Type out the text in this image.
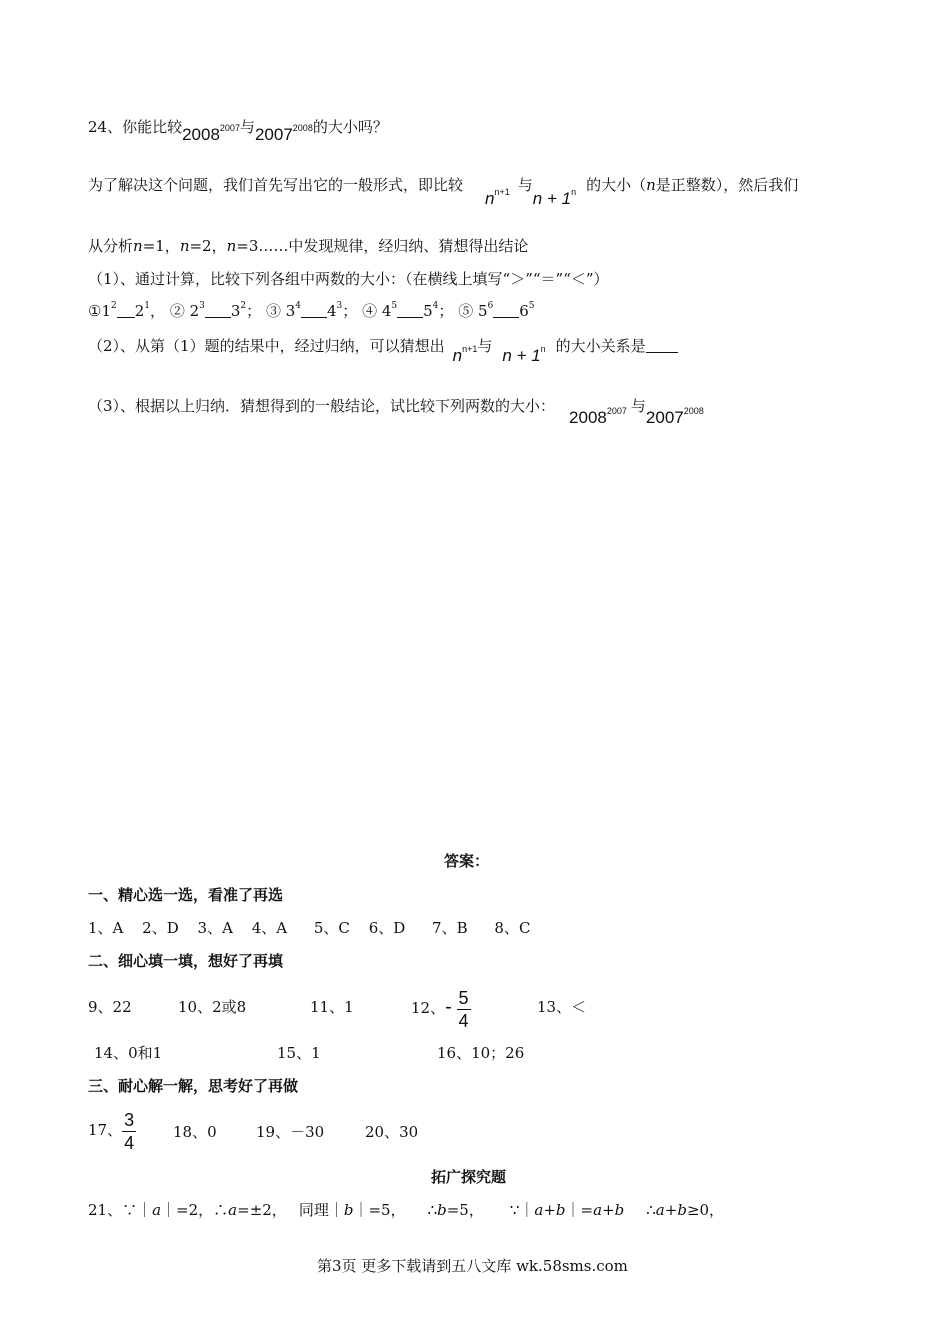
24、你能比较$2008^{2007}$与$2007^{2008}$的大小吗？
为了解决这个问题，我们首先写出它的一般形式，即比较$n^{n+1}$ 与$n + 1^n$ 的大小（n是正整数），然后我们
从分析n=1，n=2，n=3……中发现规律，经归纳、猜想得出结论
（1）、通过计算，比较下列各组中两数的大小：（在横线上填写“＞”“＝”“＜”）
$①1^2$ $2^1$， ② $2^3$ $3^2$； ③ $3^4$ $4^3$； ④ $4^5$ $5^4$； ⑤ $5^6$ $6^5$
（2）、从第（1）题的结果中，经过归纳，可以猜想出 $n^{n+1}$与 $n + 1^n$ 的大小关系是
（3）、根据以上归纳．猜想得到的一般结论，试比较下列两数的大小：$2008^{2007}$ 与$2007^{2008}$
答案：
一、精心选一选，看准了再选
1、A 2、D 3、A 4、A 5、C 6、D 7、B 8、C
二、细心填一填，想好了再填
9、22	10、2或8	11、1	12、- $\frac{5}{4}$	13、＜
14、0和1	15、1	16、10；26
三、耐心解一解，思考好了再做
17、 $\frac{3}{4} 18$、0	19、－30	20、30
拓广探究题
21、∵｜a｜=2，∴a=±2， 同理｜b｜=5， ∴b=5， ∵｜a+b｜=a+b ∴a+b≥0，
第3页 更多下载请到五八文库 wk.58sms.com
